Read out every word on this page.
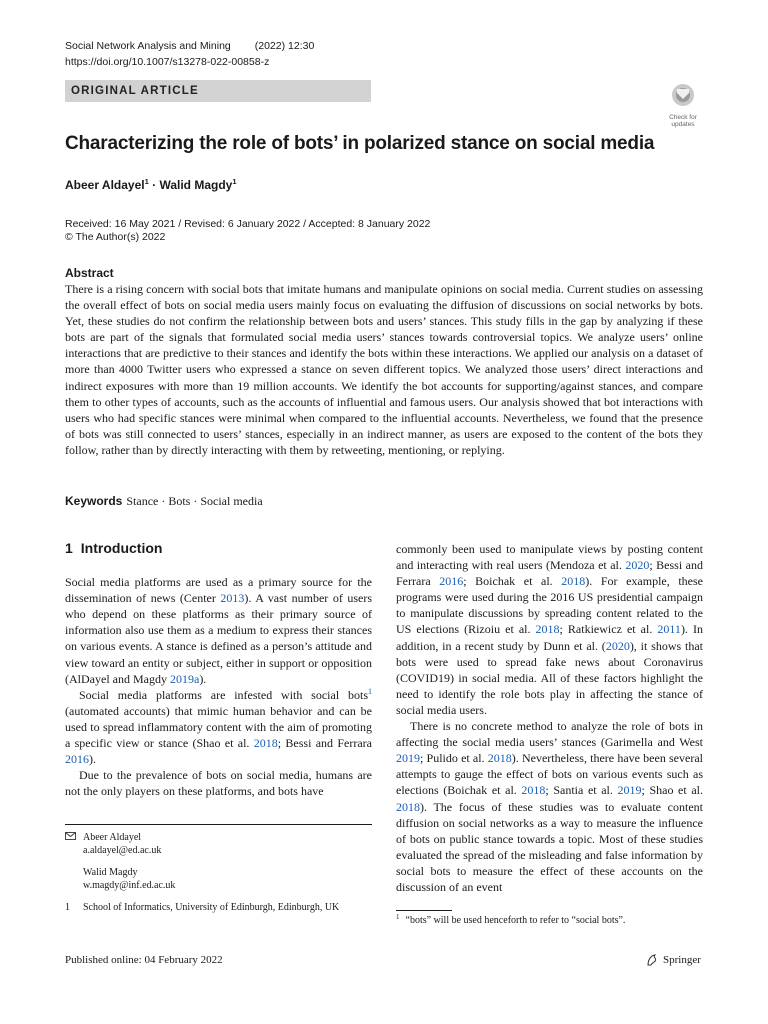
Social Network Analysis and Mining (2022) 12:30
https://doi.org/10.1007/s13278-022-00858-z
ORIGINAL ARTICLE
Check for
updates
Characterizing the role of bots’ in polarized stance on social media
Abeer Aldayel$^1$ · Walid Magdy$^1$
Received: 16 May 2021 / Revised: 6 January 2022 / Accepted: 8 January 2022
© The Author(s) 2022
Abstract

There is a rising concern with social bots that imitate humans and manipulate opinions on social media. Current studies on assessing the overall effect of bots on social media users mainly focus on evaluating the diffusion of discussions on social networks by bots. Yet, these studies do not confirm the relationship between bots and users’ stances. This study fills in the gap by analyzing if these bots are part of the signals that formulated social media users’ stances towards controversial topics. We analyze users’ online interactions that are predictive to their stances and identify the bots within these interactions. We applied our analysis on a dataset of more than 4000 Twitter users who expressed a stance on seven different topics. We analyzed those users’ direct interactions and indirect exposures with more than 19 million accounts. We identify the bot accounts for supporting/against stances, and compare them to other types of accounts, such as the accounts of influential and famous users. Our analysis showed that bot interactions with users who had specific stances were minimal when compared to the influential accounts. Nevertheless, we found that the presence of bots was still connected to users’ stances, especially in an indirect manner, as users are exposed to the content of the bots they follow, rather than by directly interacting with them by retweeting, mentioning, or replying.

Keywords Stance · Bots · Social media
1 Introduction

Social media platforms are used as a primary source for the dissemination of news (Center 2013). A vast number of users who depend on these platforms as their primary source of information also use them as a medium to express their stances on various events. A stance is defined as a person’s attitude and view toward an entity or subject, either in support or opposition (AlDayel and Magdy 2019a).

Social media platforms are infested with social bots$^1$ (automated accounts) that mimic human behavior and can be used to spread inflammatory content with the aim of promoting a specific view or stance (Shao et al. 2018; Bessi and Ferrara 2016).

Due to the prevalence of bots on social media, humans are not the only players on these platforms, and bots have

commonly been used to manipulate views by posting content and interacting with real users (Mendoza et al. 2020; Bessi and Ferrara 2016; Boichak et al. 2018). For example, these programs were used during the 2016 US presidential campaign to manipulate discussions by spreading content related to the US elections (Rizoiu et al. 2018; Ratkiewicz et al. 2011). In addition, in a recent study by Dunn et al. (2020), it shows that bots were used to spread fake news about Coronavirus (COVID19) in social media. All of these factors highlight the need to identify the role bots play in affecting the stance of social media users.

There is no concrete method to analyze the role of bots in affecting the social media users’ stances (Garimella and West 2019; Pulido et al. 2018). Nevertheless, there have been several attempts to gauge the effect of bots on various events such as elections (Boichak et al. 2018; Santia et al. 2019; Shao et al. 2018). The focus of these studies was to evaluate content diffusion on social networks as a way to measure the influence of bots on public stance towards a topic. Most of these studies evaluated the spread of the misleading and false information by social bots to measure the effect of these accounts on the discussion of an event

Abeer Aldayel
a.aldayel@ed.ac.uk
Walid Magdy
w.magdy@inf.ed.ac.uk
1	School of Informatics, University of Edinburgh, Edinburgh, UK
$^1$ “bots” will be used henceforth to refer to “social bots”.
Published online: 04 February 2022	Springer
